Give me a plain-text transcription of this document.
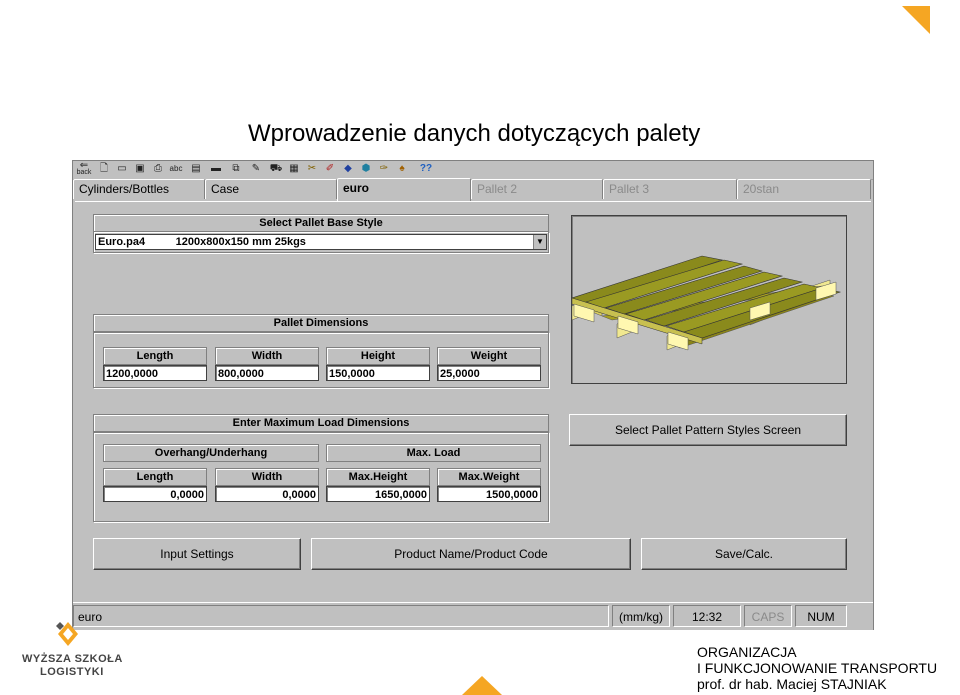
Wprowadzenie danych dotyczących palety
⇐
back 🗋 ▭ ▣ ⎙ abc ▤ ▬	⧉	✎ ⛟ ▦ ✂ ✐ ◆ ⬢ ✑	♠	??
Cylinders/Bottles	Case	euro	Pallet 2	Pallet 3	20stan
Select Pallet Base Style
Euro.pa4          1200x800x150 mm 25kgs	▼
Pallet Dimensions
Length	Width	Height	Weight
1200,0000	800,0000	150,0000	25,0000
Enter Maximum Load Dimensions
Overhang/Underhang	Max. Load
Length	Width	Max.Height	Max.Weight
0,0000	0,0000	1650,0000	1500,0000
Select Pallet Pattern Styles Screen
Input Settings	Product Name/Product Code	Save/Calc.
euro	(mm/kg)	12:32	CAPS	NUM
WYŻSZA SZKOŁA
LOGISTYKI
ORGANIZACJA
I FUNKCJONOWANIE TRANSPORTU
prof. dr hab. Maciej STAJNIAK
